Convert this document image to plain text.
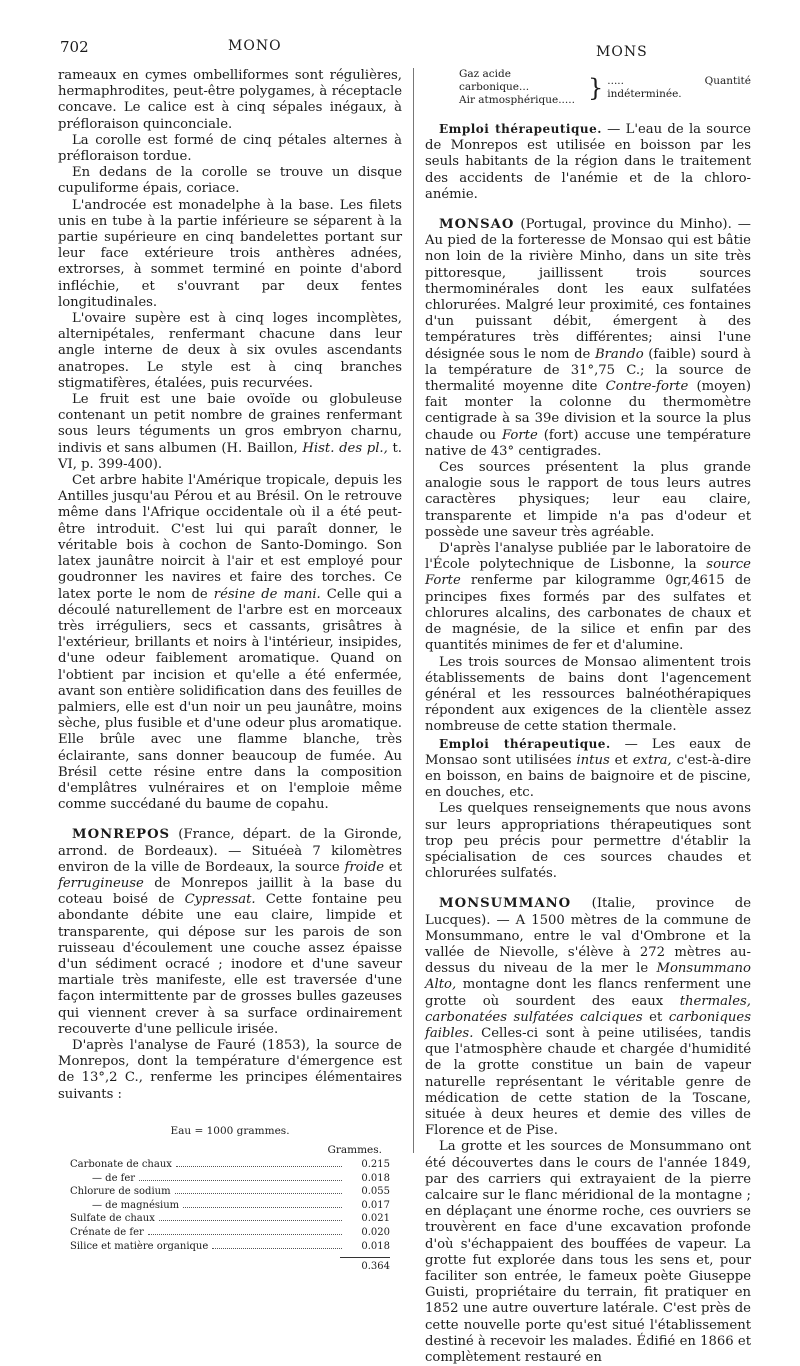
702	MONO	MONS

rameaux en cymes ombelliformes sont régulières, hermaphrodites, peut-être polygames, à réceptacle concave. Le calice est à cinq sépales inégaux, à préfloraison quinconciale.

La corolle est formé de cinq pétales alternes à préfloraison tordue.

En dedans de la corolle se trouve un disque cupuliforme épais, coriace.

L'androcée est monadelphe à la base. Les filets unis en tube à la partie inférieure se séparent à la partie supérieure en cinq bandelettes portant sur leur face extérieure trois anthères adnées, extrorses, à sommet terminé en pointe d'abord infléchie, et s'ouvrant par deux fentes longitudinales.

L'ovaire supère est à cinq loges incomplètes, alternipétales, renfermant chacune dans leur angle interne de deux à six ovules ascendants anatropes. Le style est à cinq branches stigmatifères, étalées, puis recurvées.

Le fruit est une baie ovoïde ou globuleuse contenant un petit nombre de graines renfermant sous leurs téguments un gros embryon charnu, indivis et sans albumen (H. Baillon, Hist. des pl., t. VI, p. 399-400).

Cet arbre habite l'Amérique tropicale, depuis les Antilles jusqu'au Pérou et au Brésil. On le retrouve même dans l'Afrique occidentale où il a été peut-être introduit. C'est lui qui paraît donner, le véritable bois à cochon de Santo-Domingo. Son latex jaunâtre noircit à l'air et est employé pour goudronner les navires et faire des torches. Ce latex porte le nom de résine de mani. Celle qui a découlé naturellement de l'arbre est en morceaux très irréguliers, secs et cassants, grisâtres à l'extérieur, brillants et noirs à l'intérieur, insipides, d'une odeur faiblement aromatique. Quand on l'obtient par incision et qu'elle a été enfermée, avant son entière solidification dans des feuilles de palmiers, elle est d'un noir un peu jaunâtre, moins sèche, plus fusible et d'une odeur plus aromatique. Elle brûle avec une flamme blanche, très éclairante, sans donner beaucoup de fumée. Au Brésil cette résine entre dans la composition d'emplâtres vulnéraires et on l'emploie même comme succédané du baume de copahu.

MONREPOS (France, départ. de la Gironde, arrond. de Bordeaux). — Situéeà 7 kilomètres environ de la ville de Bordeaux, la source froide et ferrugineuse de Monrepos jaillit à la base du coteau boisé de Cypressat. Cette fontaine peu abondante débite une eau claire, limpide et transparente, qui dépose sur les parois de son ruisseau d'écoulement une couche assez épaisse d'un sédiment ocracé ; inodore et d'une saveur martiale très manifeste, elle est traversée d'une façon intermittente par de grosses bulles gazeuses qui viennent crever à sa surface ordinairement recouverte d'une pellicule irisée.

D'après l'analyse de Fauré (1853), la source de Monrepos, dont la température d'émergence est de 13°,2 C., renferme les principes élémentaires suivants :

Eau = 1000 grammes.
Grammes.
Carbonate de chaux	0.215
— de fer	0.018
Chlorure de sodium	0.055
— de magnésium	0.017
Sulfate de chaux	0.021
Crénate de fer	0.020
Silice et matière organique	0.018
0.364
Gaz acide carbonique...
Air atmosphérique..... } ..... Quantité indéterminée.

Emploi thérapeutique. — L'eau de la source de Monrepos est utilisée en boisson par les seuls habitants de la région dans le traitement des accidents de l'anémie et de la chloro-anémie.

MONSAO (Portugal, province du Minho). — Au pied de la forteresse de Monsao qui est bâtie non loin de la rivière Minho, dans un site très pittoresque, jaillissent trois sources thermominérales dont les eaux sulfatées chlorurées. Malgré leur proximité, ces fontaines d'un puissant débit, émergent à des températures très différentes; ainsi l'une désignée sous le nom de Brando (faible) sourd à la température de 31°,75 C.; la source de thermalité moyenne dite Contre-forte (moyen) fait monter la colonne du thermomètre centigrade à sa 39e division et la source la plus chaude ou Forte (fort) accuse une température native de 43° centigrades.

Ces sources présentent la plus grande analogie sous le rapport de tous leurs autres caractères physiques; leur eau claire, transparente et limpide n'a pas d'odeur et possède une saveur très agréable.

D'après l'analyse publiée par le laboratoire de l'École polytechnique de Lisbonne, la source Forte renferme par kilogramme 0gr,4615 de principes fixes formés par des sulfates et chlorures alcalins, des carbonates de chaux et de magnésie, de la silice et enfin par des quantités minimes de fer et d'alumine.

Les trois sources de Monsao alimentent trois établissements de bains dont l'agencement général et les ressources balnéothérapiques répondent aux exigences de la clientèle assez nombreuse de cette station thermale.

Emploi thérapeutique. — Les eaux de Monsao sont utilisées intus et extra, c'est-à-dire en boisson, en bains de baignoire et de piscine, en douches, etc.

Les quelques renseignements que nous avons sur leurs appropriations thérapeutiques sont trop peu précis pour permettre d'établir la spécialisation de ces sources chaudes et chlorurées sulfatés.

MONSUMMANO (Italie, province de Lucques). — A 1500 mètres de la commune de Monsummano, entre le val d'Ombrone et la vallée de Nievolle, s'élève à 272 mètres au-dessus du niveau de la mer le Monsummano Alto, montagne dont les flancs renferment une grotte où sourdent des eaux thermales, carbonatées sulfatées calciques et carboniques faibles. Celles-ci sont à peine utilisées, tandis que l'atmosphère chaude et chargée d'humidité de la grotte constitue un bain de vapeur naturelle représentant le véritable genre de médication de cette station de la Toscane, située à deux heures et demie des villes de Florence et de Pise.

La grotte et les sources de Monsummano ont été découvertes dans le cours de l'année 1849, par des carriers qui extrayaient de la pierre calcaire sur le flanc méridional de la montagne ; en déplaçant une énorme roche, ces ouvriers se trouvèrent en face d'une excavation profonde d'où s'échappaient des bouffées de vapeur. La grotte fut explorée dans tous les sens et, pour faciliter son entrée, le fameux poète Giuseppe Guisti, propriétaire du terrain, fit pratiquer en 1852 une autre ouverture latérale. C'est près de cette nouvelle porte qu'est situé l'établissement destiné à recevoir les malades. Édifié en 1866 et complètement restauré en
